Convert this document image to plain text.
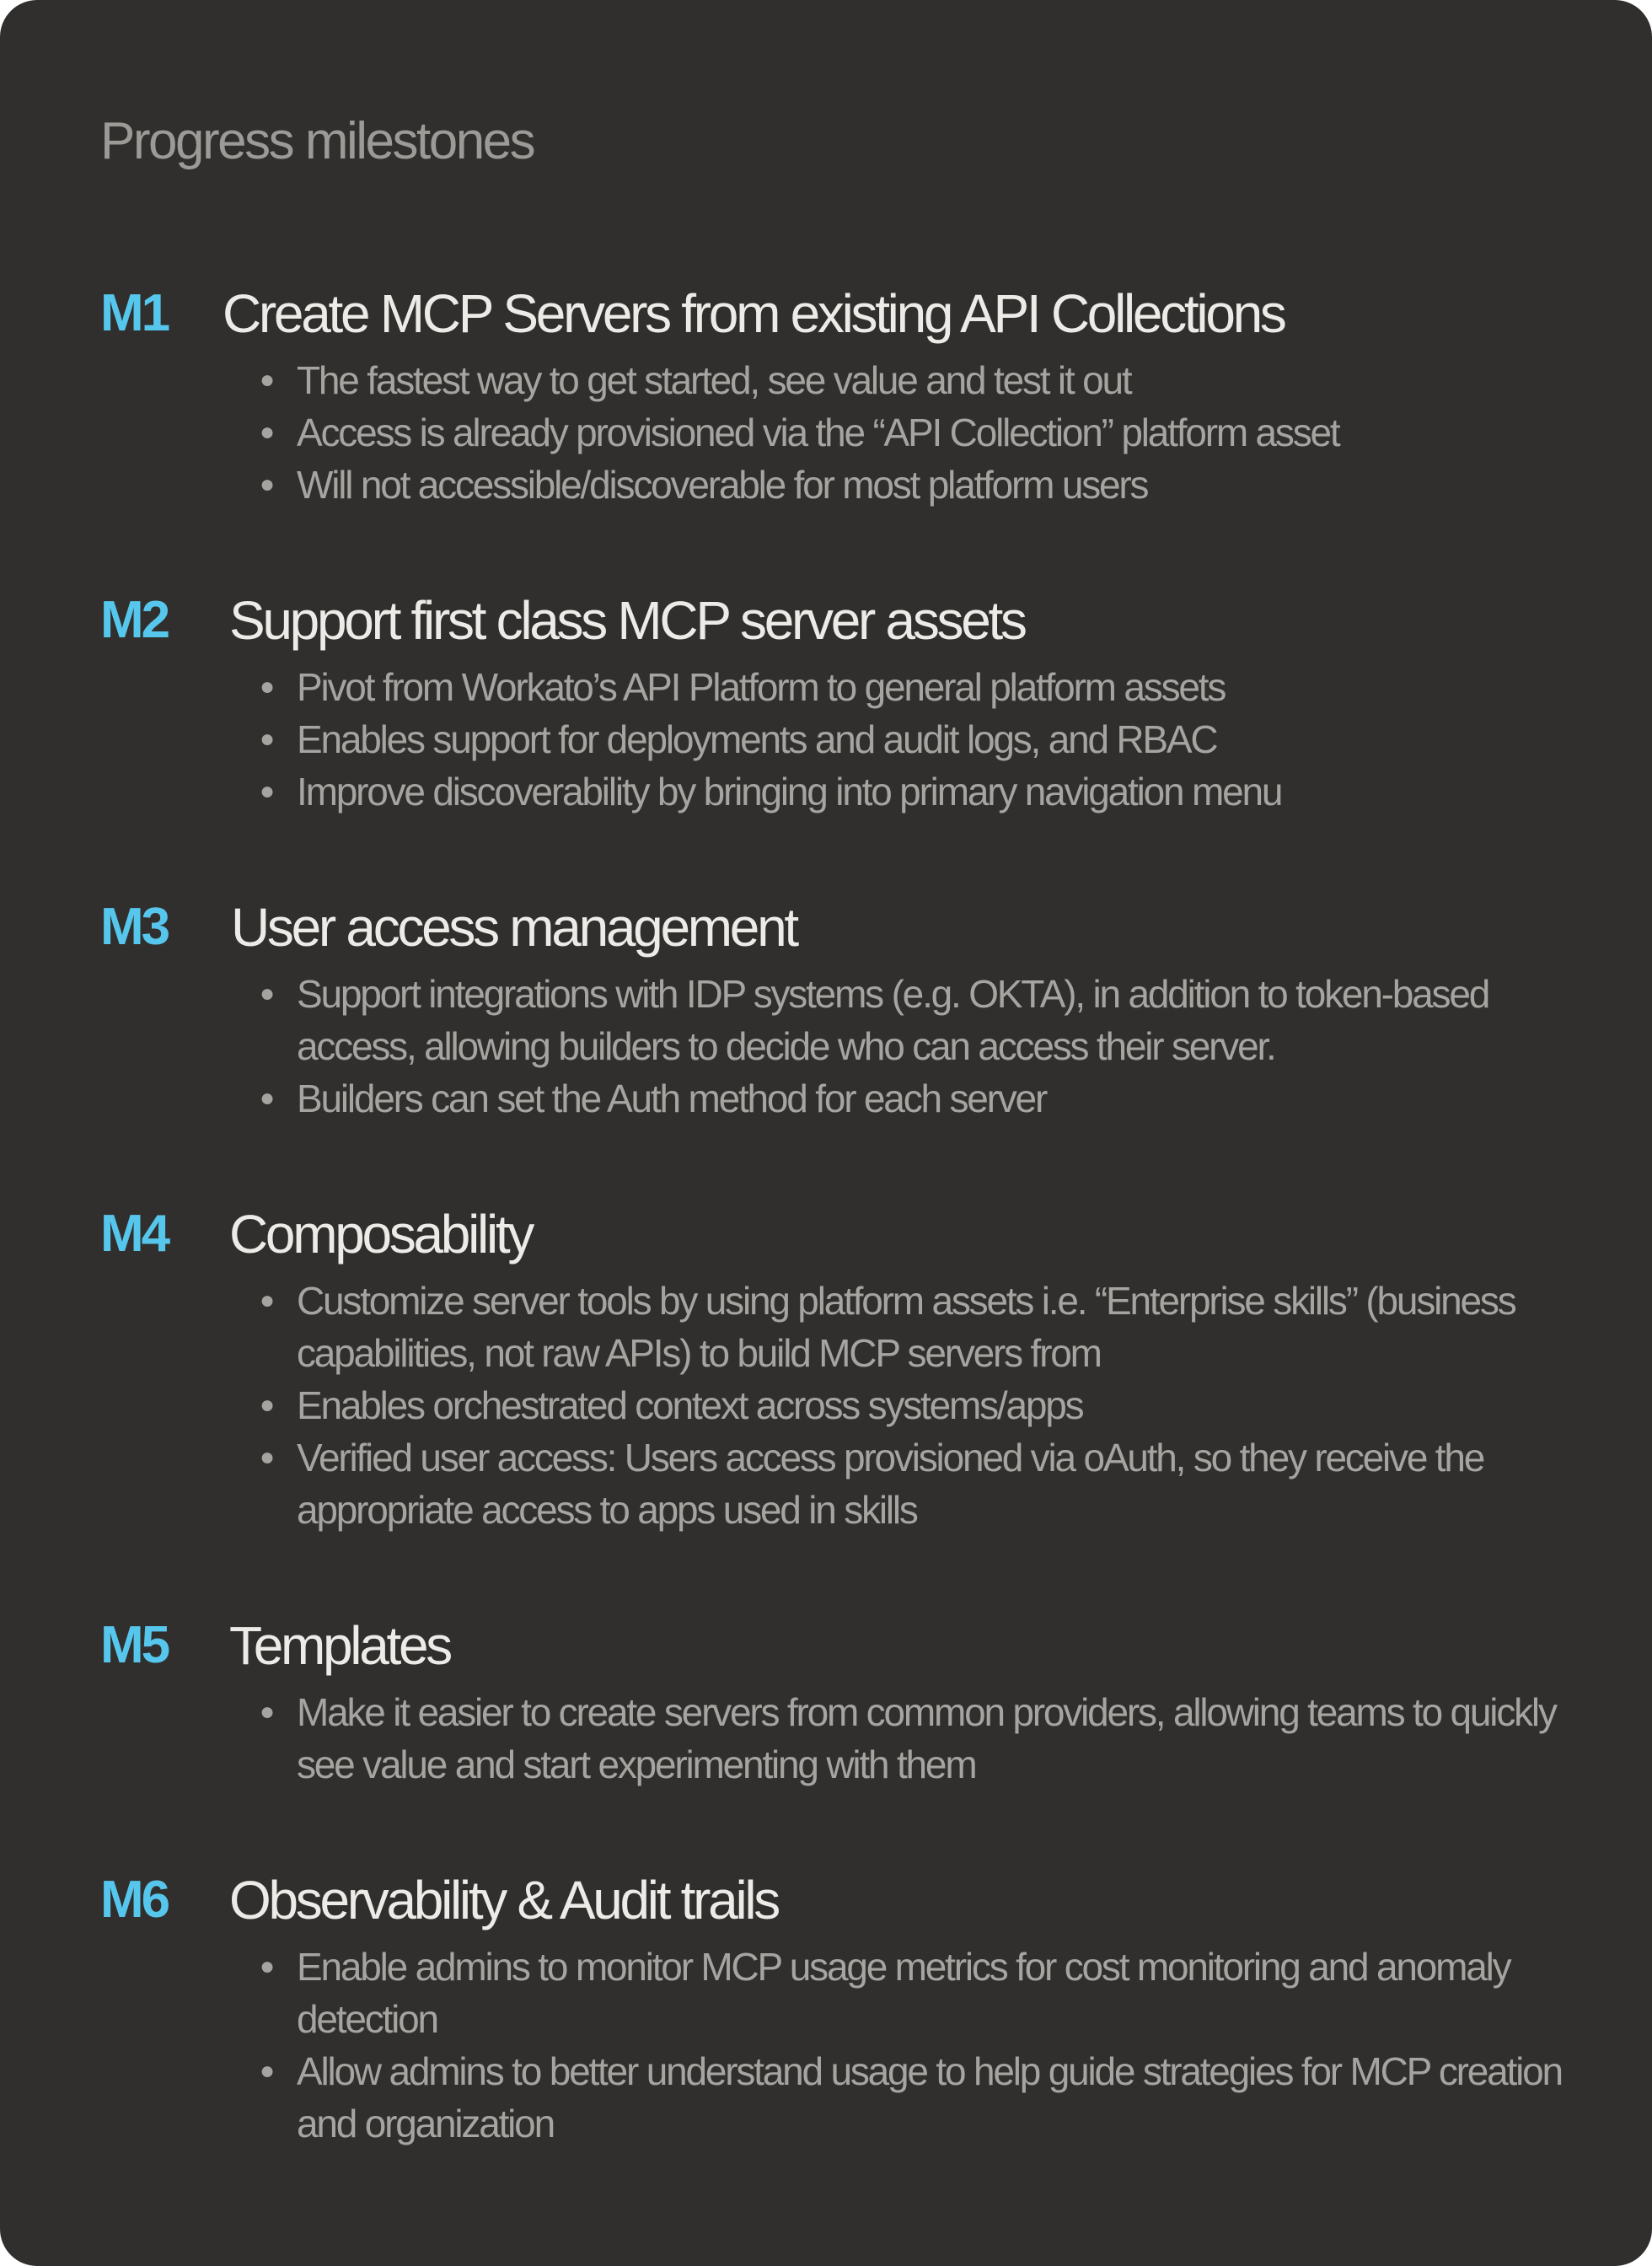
Progress milestones
M1 Create MCP Servers from existing API Collections
● The fastest way to get started, see value and test it out
● Access is already provisioned via the “API Collection” platform asset
● Will not accessible/discoverable for most platform users
M2 Support first class MCP server assets
● Pivot from Workato’s API Platform to general platform assets
● Enables support for deployments and audit logs, and RBAC
● Improve discoverability by bringing into primary navigation menu
M3 User access management
● Support integrations with IDP systems (e.g. OKTA), in addition to token-based access, allowing builders to decide who can access their server.
● Builders can set the Auth method for each server
M4 Composability
● Customize server tools by using platform assets i.e. “Enterprise skills” (business capabilities, not raw APIs) to build MCP servers from
● Enables orchestrated context across systems/apps
● Verified user access: Users access provisioned via oAuth, so they receive the appropriate access to apps used in skills
M5 Templates
● Make it easier to create servers from common providers, allowing teams to quickly see value and start experimenting with them
M6 Observability & Audit trails
● Enable admins to monitor MCP usage metrics for cost monitoring and anomaly detection
● Allow admins to better understand usage to help guide strategies for MCP creation and organization
